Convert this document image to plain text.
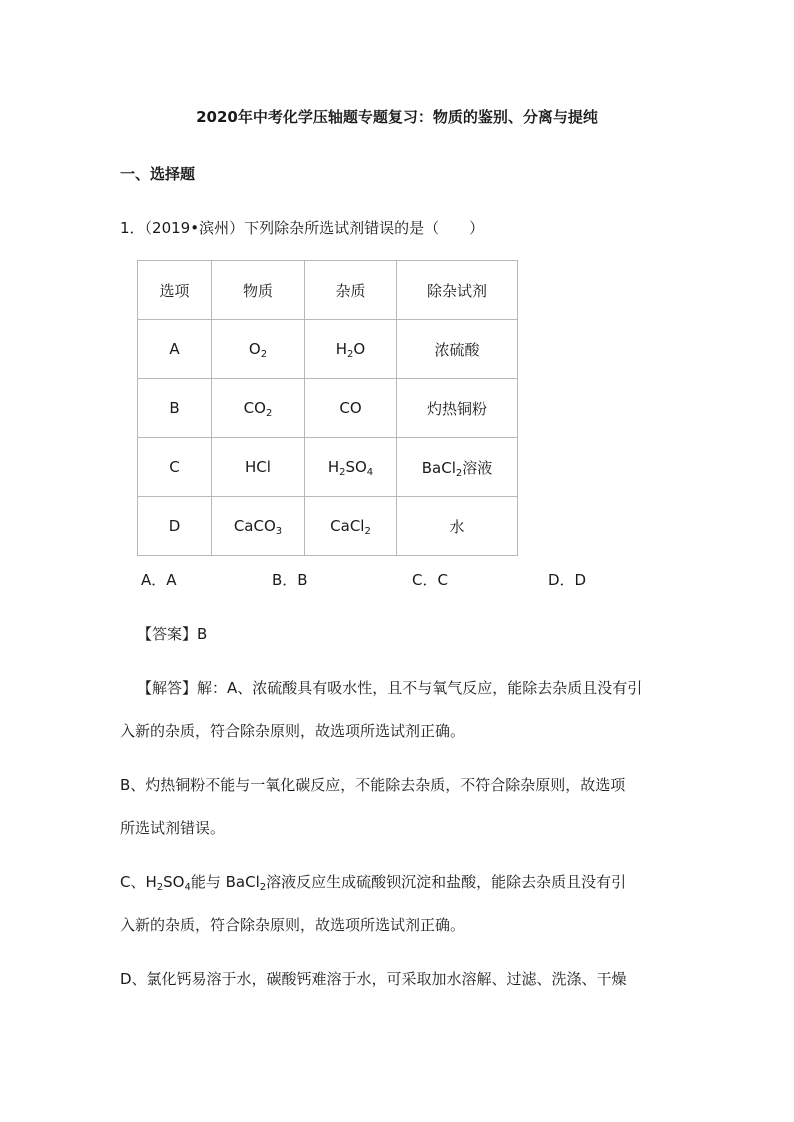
2020年中考化学压轴题专题复习：物质的鉴别、分离与提纯
一、选择题
1．（2019•滨州）下列除杂所选试剂错误的是（　　）
选项	物质	杂质	除杂试剂
A	$O_2$	$H_2O$	浓硫酸
B	$CO_2$	CO	灼热铜粉
C	HCl	$H_2SO_4$	BaCl$_2$溶液
D	CaCO$_3$	CaCl$_2$	水
A．A	B．B	C．C	D．D
【答案】B
【解答】解：A、浓硫酸具有吸水性，且不与氧气反应，能除去杂质且没有引
入新的杂质，符合除杂原则，故选项所选试剂正确。
B、灼热铜粉不能与一氧化碳反应，不能除去杂质，不符合除杂原则，故选项
所选试剂错误。
C、$H_2SO_4$能与 BaCl$_2$溶液反应生成硫酸钡沉淀和盐酸，能除去杂质且没有引
入新的杂质，符合除杂原则，故选项所选试剂正确。
D、氯化钙易溶于水，碳酸钙难溶于水，可采取加水溶解、过滤、洗涤、干燥
